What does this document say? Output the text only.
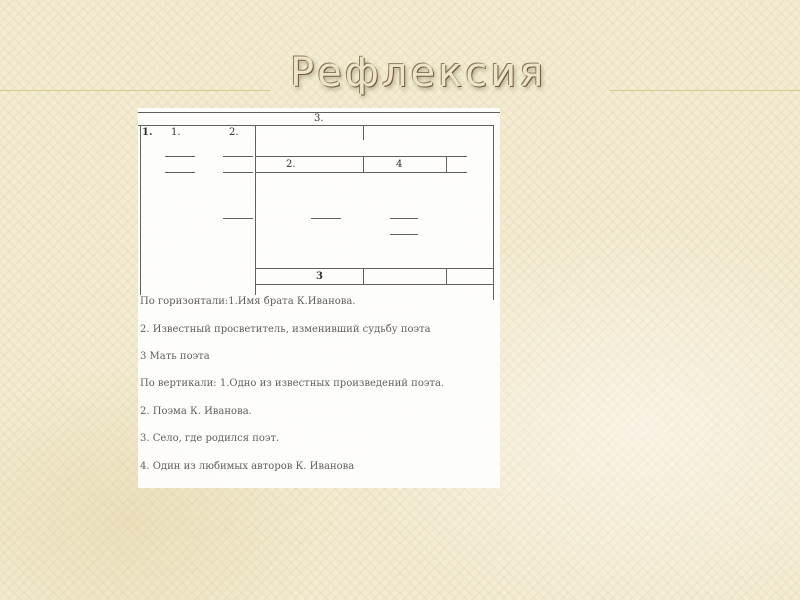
Рефлексия
3.
1. 1.	2.
2.	4
3
По горизонтали:1.Имя брата К.Иванова.
2. Известный просветитель, изменивший судьбу поэта
3 Мать поэта
По вертикали: 1.Одно из известных произведений поэта.
2. Поэма К. Иванова.
3. Село, где родился поэт.
4. Один из любимых авторов К. Иванова
